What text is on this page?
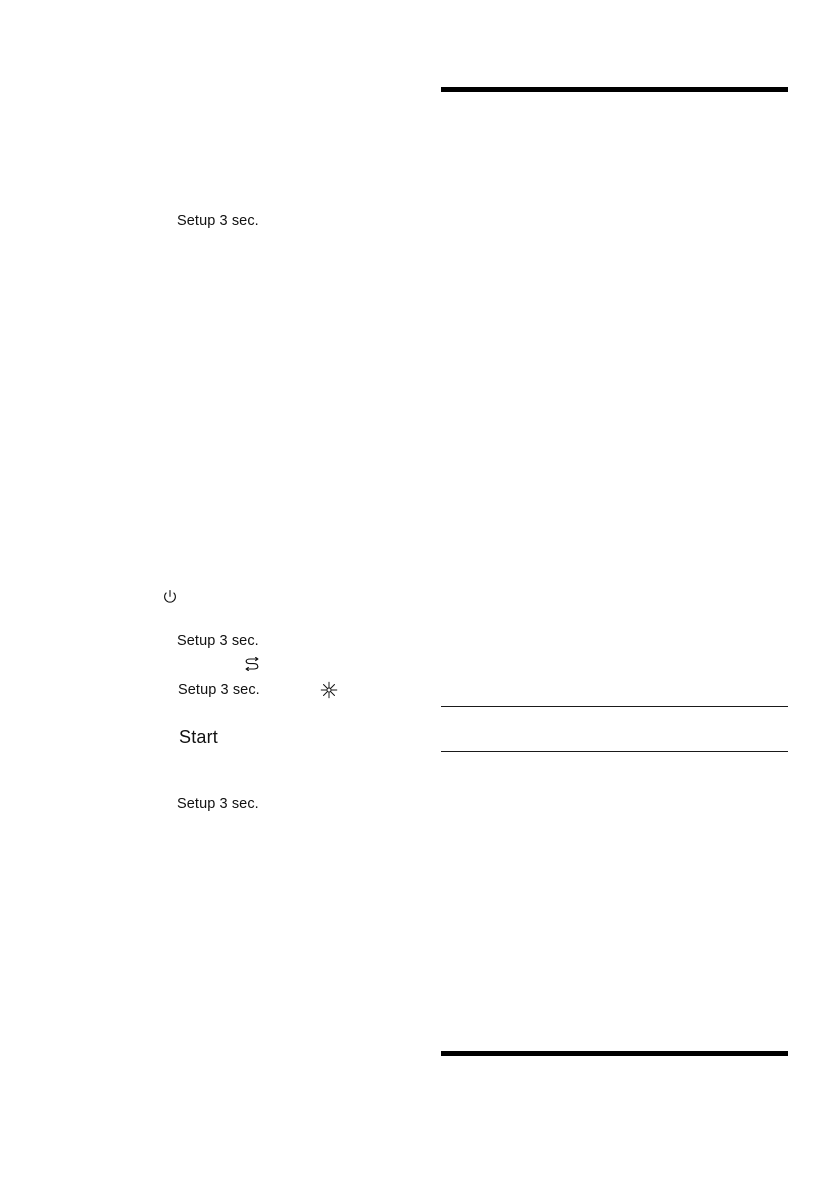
Setup 3 sec.
Setup 3 sec.
Setup 3 sec.
Start
Setup 3 sec.
